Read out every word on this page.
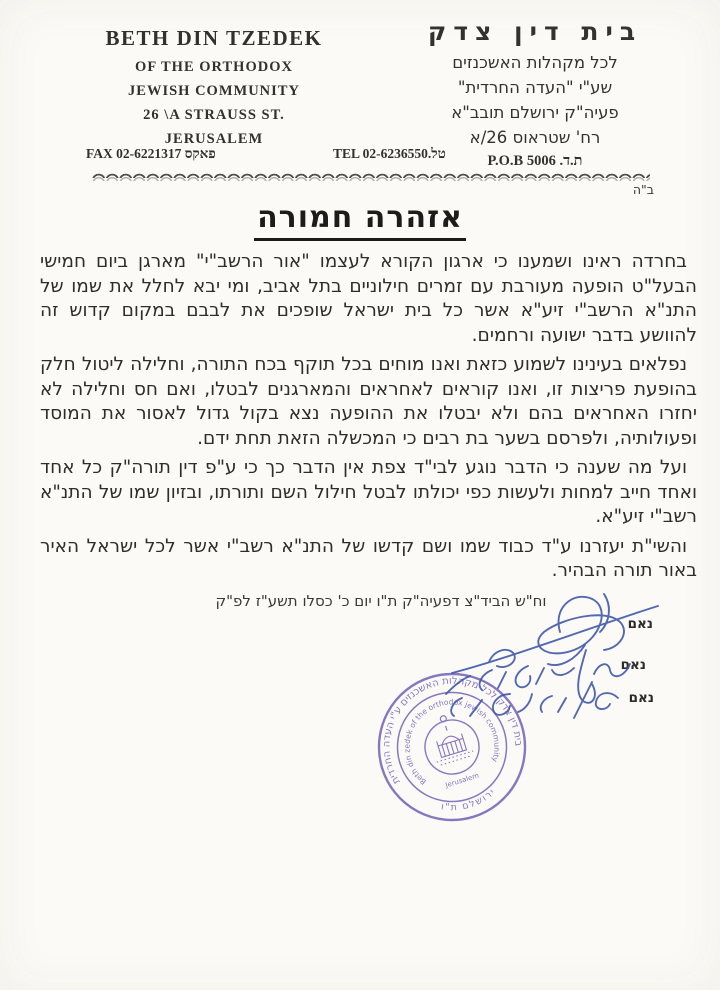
BETH DIN TZEDEK
OF THE ORTHODOX
JEWISH COMMUNITY
26 \A STRAUSS ST.
JERUSALEM
FAX 02-6221317 פאקס	TEL 02-6236550.טל
בית דין צדק
לכל מקהלות האשכנזים
שע"י "העדה החרדית"
פעיה"ק ירושלם תובב"א
רח' שטראוס 26/א
ת.ד. P.O.B 5006
ב"ה
אזהרה חמורה

בחרדה ראינו ושמענו כי ארגון הקורא לעצמו "אור הרשב"י" מארגן ביום חמישי הבעל"ט הופעה מעורבת עם זמרים חילוניים בתל אביב, ומי יבא לחלל את שמו של התנ"א הרשב"י זיע"א אשר כל בית ישראל שופכים את לבבם במקום קדוש זה להוושע בדבר ישועה ורחמים.

נפלאים בעינינו לשמוע כזאת ואנו מוחים בכל תוקף בכח התורה, וחלילה ליטול חלק בהופעת פריצות זו, ואנו קוראים לאחראים והמארגנים לבטלו, ואם חס וחלילה לא יחזרו האחראים בהם ולא יבטלו את ההופעה נצא בקול גדול לאסור את המוסד ופעולותיה, ולפרסם בשער בת רבים כי המכשלה הזאת תחת ידם.

ועל מה שענה כי הדבר נוגע לבי"ד צפת אין הדבר כך כי ע"פ דין תורה"ק כל אחד ואחד חייב למחות ולעשות כפי יכולתו לבטל חילול השם ותורתו, ובזיון שמו של התנ"א רשב"י זיע"א.

והשי"ת יעזרנו ע"ד כבוד שמו ושם קדשו של התנ"א רשב"י אשר לכל ישראל האיר באור תורה הבהיר.

וח"ש הביד"צ דפעיה"ק ת"ו יום כ' כסלו תשע"ז לפ"ק
נאם
נאם
נאם
תידרחה הדעה י"ע םיזנכשאה תולהקמ לכל קדצ ןיד תיב
ו"ת םלשורי
Beth din zedek of the orthodox jewish community
Jerusalem
